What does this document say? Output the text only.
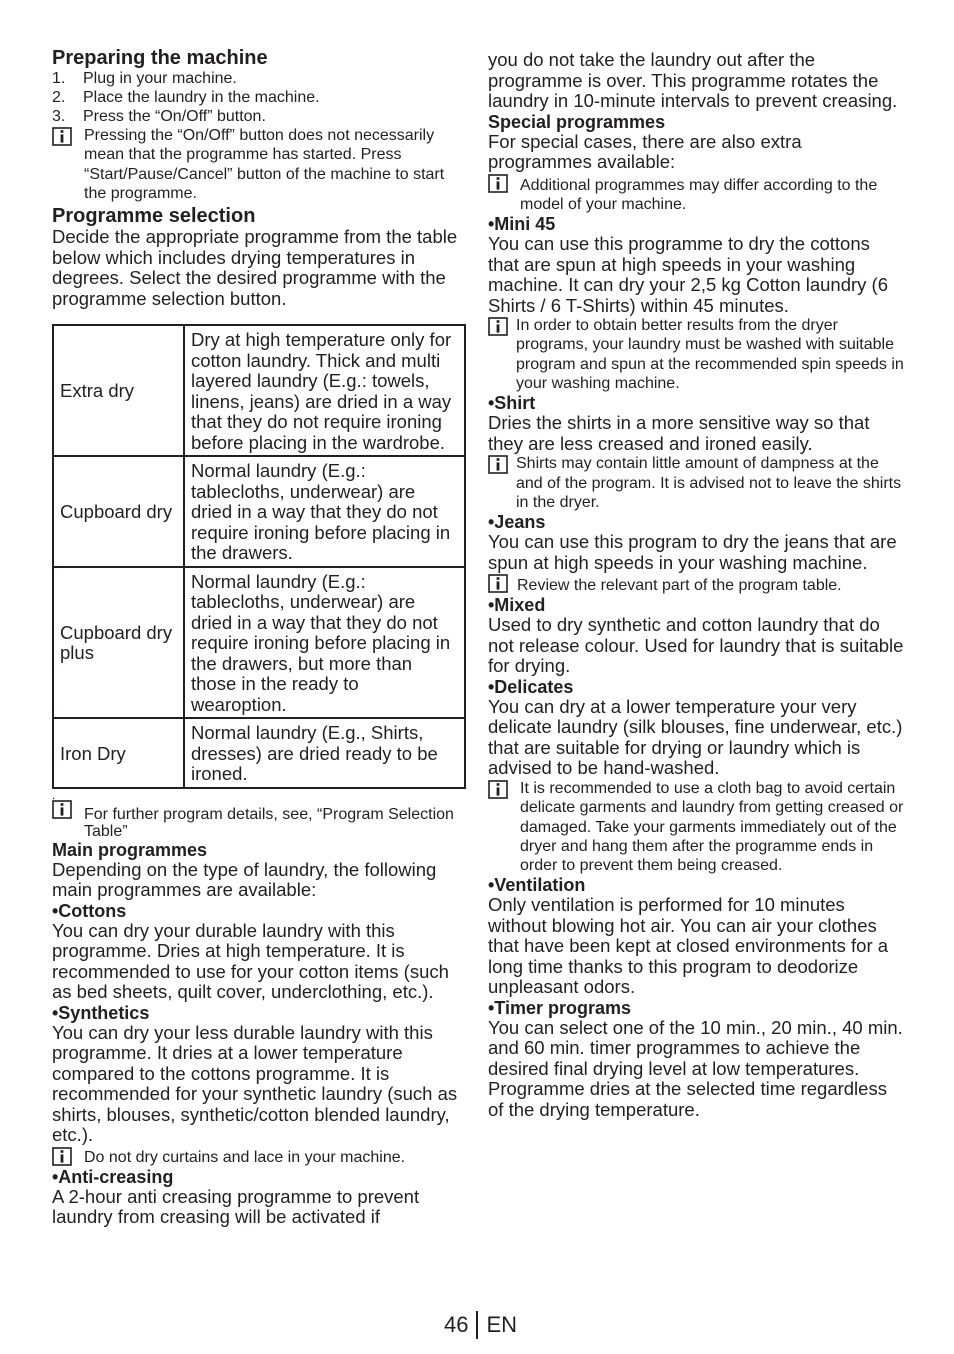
Preparing the machine
1.	Plug in your machine.
2.	Place the laundry in the machine.
3.	Press the “On/Off” button.
Pressing the “On/Off” button does not necessarily mean that the programme has started. Press “Start/Pause/Cancel” button of the machine to start the programme.
Programme selection

Decide the appropriate programme from the table below which includes drying temperatures in degrees. Select the desired programme with the programme selection button.

Extra dry	Dry at high temperature only for cotton laundry. Thick and multi layered laundry (E.g.: towels, linens, jeans) are dried in a way that they do not require ironing before placing in the wardrobe.
Cupboard dry	Normal laundry (E.g.: tablecloths, underwear) are dried in a way that they do not require ironing before placing in the drawers.
Cupboard dry plus	Normal laundry (E.g.: tablecloths, underwear) are dried in a way that they do not require ironing before placing in the drawers, but more than those in the ready to wearoption.
Iron Dry	Normal laundry (E.g., Shirts, dresses) are dried ready to be ironed.

.

For further program details, see, “Program Selection Table”
Main programmes

Depending on the type of laundry, the following main programmes are available:

•Cottons

You can dry your durable laundry with this programme. Dries at high temperature. It is recommended to use for your cotton items (such as bed sheets, quilt cover, underclothing, etc.).

•Synthetics

You can dry your less durable laundry with this programme. It dries at a lower temperature compared to the cottons programme. It is recommended for your synthetic laundry (such as shirts, blouses, synthetic/cotton blended laundry, etc.).

Do not dry curtains and lace in your machine.
•Anti-creasing

A 2-hour anti creasing programme to prevent laundry from creasing will be activated if

you do not take the laundry out after the programme is over. This programme rotates the laundry in 10-minute intervals to prevent creasing.

Special programmes

For special cases, there are also extra programmes available:

Additional programmes may differ according to the model of your machine.
•Mini 45

You can use this programme to dry the cottons that are spun at high speeds in your washing machine. It can dry your 2,5 kg Cotton laundry (6 Shirts / 6 T-Shirts) within 45 minutes.

In order to obtain better results from the dryer programs, your laundry must be washed with suitable program and spun at the recommended spin speeds in your washing machine.
•Shirt

Dries the shirts in a more sensitive way so that they are less creased and ironed easily.

Shirts may contain little amount of dampness at the and of the program. It is advised not to leave the shirts in the dryer.
•Jeans

You can use this program to dry the jeans that are spun at high speeds in your washing machine.

Review the relevant part of the program table.
•Mixed

Used to dry synthetic and cotton laundry that do not release colour. Used for laundry that is suitable for drying.

•Delicates

You can dry at a lower temperature your very delicate laundry (silk blouses, fine underwear, etc.) that are suitable for drying or laundry which is advised to be hand-washed.

It is recommended to use a cloth bag to avoid certain delicate garments and laundry from getting creased or damaged. Take your garments immediately out of the dryer and hang them after the programme ends in order to prevent them being creased.
•Ventilation

Only ventilation is performed for 10 minutes without blowing hot air. You can air your clothes that have been kept at closed environments for a long time thanks to this program to deodorize unpleasant odors.

•Timer programs

You can select one of the 10 min., 20 min., 40 min. and 60 min. timer programmes to achieve the desired final drying level at low temperatures. Programme dries at the selected time regardless of the drying temperature.

46 EN
